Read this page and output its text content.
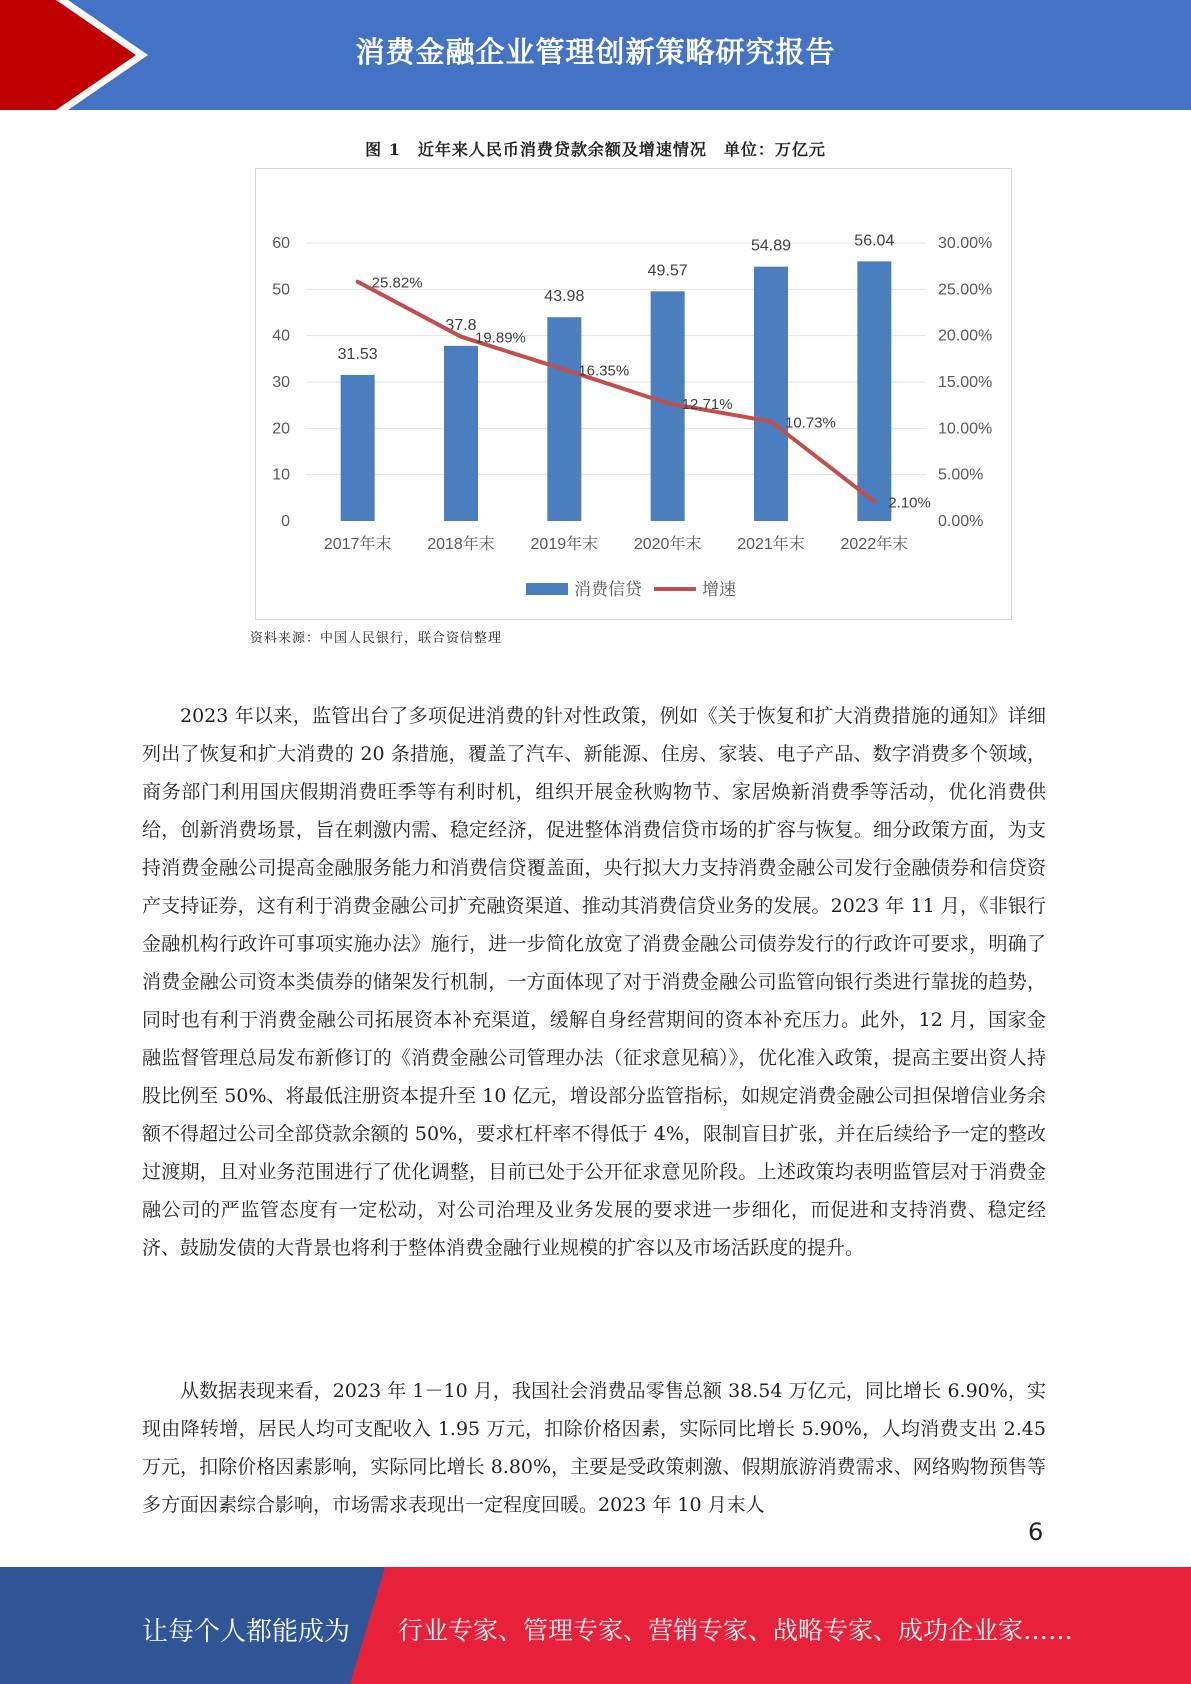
消费金融企业管理创新策略研究报告
图 1　近年来人民币消费贷款余额及增速情况　单位：万亿元
0
10
20
30
40
50
60
0.00%
5.00%
10.00%
15.00%
20.00%
25.00%
30.00%
31.53
2017年末
37.8
2018年末
43.98
2019年末
49.57
2020年末
54.89
2021年末
56.04
2022年末
25.82%
19.89%
16.35%
12.71%
10.73%
2.10%
消费信贷	增速
资料来源：中国人民银行，联合资信整理

2023 年以来，监管出台了多项促进消费的针对性政策，例如《关于恢复和扩大消费措施的通知》详细列出了恢复和扩大消费的 20 条措施，覆盖了汽车、新能源、住房、家装、电子产品、数字消费多个领域，商务部门利用国庆假期消费旺季等有利时机，组织开展金秋购物节、家居焕新消费季等活动，优化消费供给，创新消费场景，旨在刺激内需、稳定经济，促进整体消费信贷市场的扩容与恢复。细分政策方面，为支持消费金融公司提高金融服务能力和消费信贷覆盖面，央行拟大力支持消费金融公司发行金融债券和信贷资产支持证券，这有利于消费金融公司扩充融资渠道、推动其消费信贷业务的发展。2023 年 11 月，《非银行金融机构行政许可事项实施办法》施行，进一步简化放宽了消费金融公司债券发行的行政许可要求，明确了消费金融公司资本类债券的储架发行机制，一方面体现了对于消费金融公司监管向银行类进行靠拢的趋势，同时也有利于消费金融公司拓展资本补充渠道，缓解自身经营期间的资本补充压力。此外，12 月，国家金融监督管理总局发布新修订的《消费金融公司管理办法（征求意见稿）》，优化准入政策，提高主要出资人持股比例至 50%、将最低注册资本提升至 10 亿元，增设部分监管指标，如规定消费金融公司担保增信业务余额不得超过公司全部贷款余额的 50%，要求杠杆率不得低于 4%，限制盲目扩张，并在后续给予一定的整改过渡期，且对业务范围进行了优化调整，目前已处于公开征求意见阶段。上述政策均表明监管层对于消费金融公司的严监管态度有一定松动，对公司治理及业务发展的要求进一步细化，而促进和支持消费、稳定经济、鼓励发债的大背景也将利于整体消费金融行业规模的扩容以及市场活跃度的提升。

从数据表现来看，2023 年 1－10 月，我国社会消费品零售总额 38.54 万亿元，同比增长 6.90%，实现由降转增，居民人均可支配收入 1.95 万元，扣除价格因素，实际同比增长 5.90%，人均消费支出 2.45 万元，扣除价格因素影响，实际同比增长 8.80%，主要是受政策刺激、假期旅游消费需求、网络购物预售等多方面因素综合影响，市场需求表现出一定程度回暖。2023 年 10 月末人

6
让每个人都能成为 行业专家、管理专家、营销专家、战略专家、成功企业家……
